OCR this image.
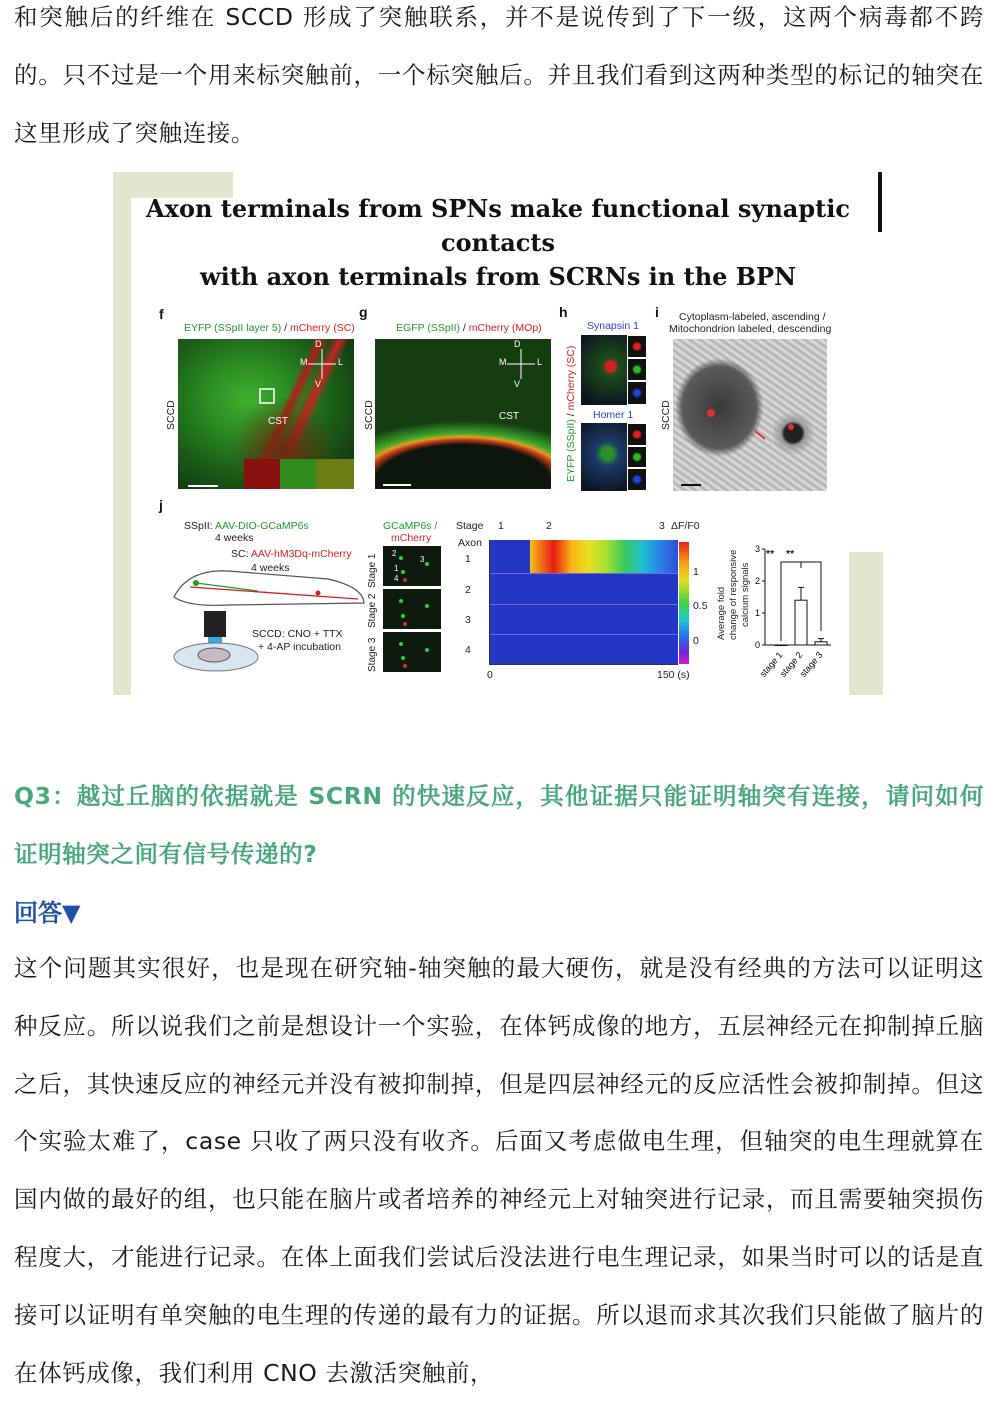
和突触后的纤维在 SCCD 形成了突触联系，并不是说传到了下一级，这两个病毒都不跨的。只不过是一个用来标突触前，一个标突触后。并且我们看到这两种类型的标记的轴突在这里形成了突触连接。

Axon terminals from SPNs make functional synaptic contacts
with axon terminals from SCRNs in the BPN
f
EYFP (SSpII layer 5) / mCherry (SC)
SCCD
D
V
M	L
CST
g
EGFP (SSpII) / mCherry (MOp)
SCCD
D
V
M	L
CST
h
Synapsin 1
EYFP (SSpII) / mCherry (SC)
Homer 1
i Cytoplasm-labeled, ascending /
Mitochondrion labeled, descending
SCCD
j
SSpII: AAV-DIO-GCaMP6s
4 weeks
SC: AAV-hM3Dq-mCherry
4 weeks
SCCD: CNO + TTX
+ 4-AP incubation
GCaMP6s /
mCherry
Stage 1
Stage 2
Stage 3
2
3
1
4
Stage
Axon
1	2	3 ΔF/F0
1
2
3
4
0	150 (s)
1
0.5
0
Average fold change of responsive calcium signals
0
1
2
3
stage 1
stage 2
stage 3
** **

Q3：越过丘脑的依据就是 SCRN 的快速反应，其他证据只能证明轴突有连接，请问如何证明轴突之间有信号传递的?

回答▼

这个问题其实很好，也是现在研究轴-轴突触的最大硬伤，就是没有经典的方法可以证明这种反应。所以说我们之前是想设计一个实验，在体钙成像的地方，五层神经元在抑制掉丘脑之后，其快速反应的神经元并没有被抑制掉，但是四层神经元的反应活性会被抑制掉。但这个实验太难了，case 只收了两只没有收齐。后面又考虑做电生理，但轴突的电生理就算在国内做的最好的组，也只能在脑片或者培养的神经元上对轴突进行记录，而且需要轴突损伤程度大，才能进行记录。在体上面我们尝试后没法进行电生理记录，如果当时可以的话是直接可以证明有单突触的电生理的传递的最有力的证据。所以退而求其次我们只能做了脑片的在体钙成像，我们利用 CNO 去激活突触前，
